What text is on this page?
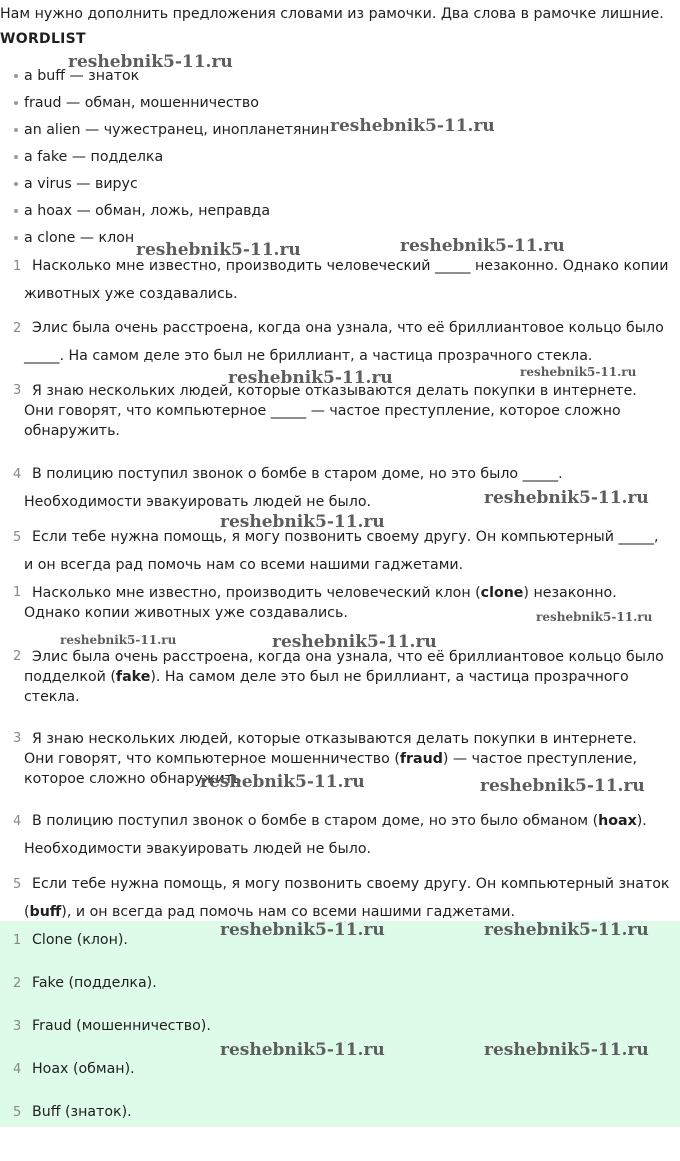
Нам нужно дополнить предложения словами из рамочки. Два слова в рамочке лишние.
WORDLIST
a buff — знаток
fraud — обман, мошенничество
an alien — чужестранец, инопланетянин
a fake — подделка
a virus — вирус
a hoax — обман, ложь, неправда
a clone — клон
1 Насколько мне известно, производить человеческий _____ незаконно. Однако копии животных уже создавались.
2 Элис была очень расстроена, когда она узнала, что её бриллиантовое кольцо было _____. На самом деле это был не бриллиант, а частица прозрачного стекла.
3 Я знаю нескольких людей, которые отказываются делать покупки в интернете. Они говорят, что компьютерное _____ — частое преступление, которое сложно обнаружить.
4 В полицию поступил звонок о бомбе в старом доме, но это было _____. Необходимости эвакуировать людей не было.
5 Если тебе нужна помощь, я могу позвонить своему другу. Он компьютерный _____, и он всегда рад помочь нам со всеми нашими гаджетами.
1 Насколько мне известно, производить человеческий клон (clone) незаконно. Однако копии животных уже создавались.
2 Элис была очень расстроена, когда она узнала, что её бриллиантовое кольцо было подделкой (fake). На самом деле это был не бриллиант, а частица прозрачного стекла.
3 Я знаю нескольких людей, которые отказываются делать покупки в интернете. Они говорят, что компьютерное мошенничество (fraud) — частое преступление, которое сложно обнаружить.
4 В полицию поступил звонок о бомбе в старом доме, но это было обманом (hoax). Необходимости эвакуировать людей не было.
5 Если тебе нужна помощь, я могу позвонить своему другу. Он компьютерный знаток (buff), и он всегда рад помочь нам со всеми нашими гаджетами.
1 Clone (клон).
2 Fake (подделка).
3 Fraud (мошенничество).
4 Hoax (обман).
5 Buff (знаток).
reshebnik5-11.ru
reshebnik5-11.ru
reshebnik5-11.ru	reshebnik5-11.ru
reshebnik5-11.ru	reshebnik5-11.ru
reshebnik5-11.ru
reshebnik5-11.ru
reshebnik5-11.ru
reshebnik5-11.ru	reshebnik5-11.ru
reshebnik5-11.ru	reshebnik5-11.ru
reshebnik5-11.ru	reshebnik5-11.ru
reshebnik5-11.ru	reshebnik5-11.ru
